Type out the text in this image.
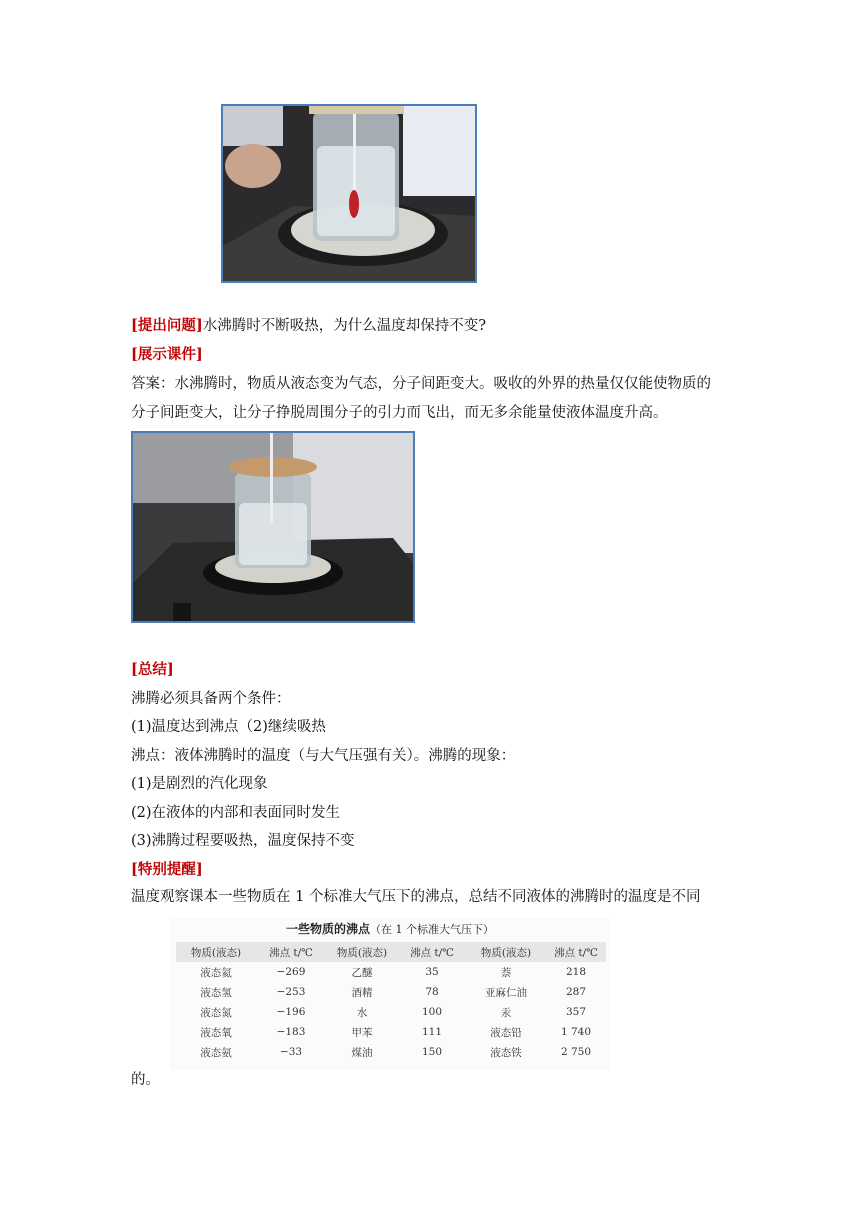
[提出问题]水沸腾时不断吸热，为什么温度却保持不变?
[展示课件]
答案：水沸腾时，物质从液态变为气态，分子间距变大。吸收的外界的热量仅仅能使物质的
分子间距变大，让分子挣脱周围分子的引力而飞出，而无多余能量使液体温度升高。
[总结]
沸腾必须具备两个条件：
(1)温度达到沸点（2)继续吸热
沸点：液体沸腾时的温度（与大气压强有关）。沸腾的现象：
(1)是剧烈的汽化现象
(2)在液体的内部和表面同时发生
(3)沸腾过程要吸热，温度保持不变
[特别提醒]
温度观察课本一些物质在 1 个标准大气压下的沸点，总结不同液体的沸腾时的温度是不同
一些物质的沸点（在 1 个标准大气压下）
物质(液态)	沸点 t/℃	物质(液态)	沸点 t/℃	物质(液态)	沸点 t/℃
液态氦	−269	乙醚	35	萘	218
液态氢	−253	酒精	78	亚麻仁油	287
液态氮	−196	水	100	汞	357
液态氧	−183	甲苯	111	液态铅	1 740
液态氨	−33	煤油	150	液态铁	2 750
的。
